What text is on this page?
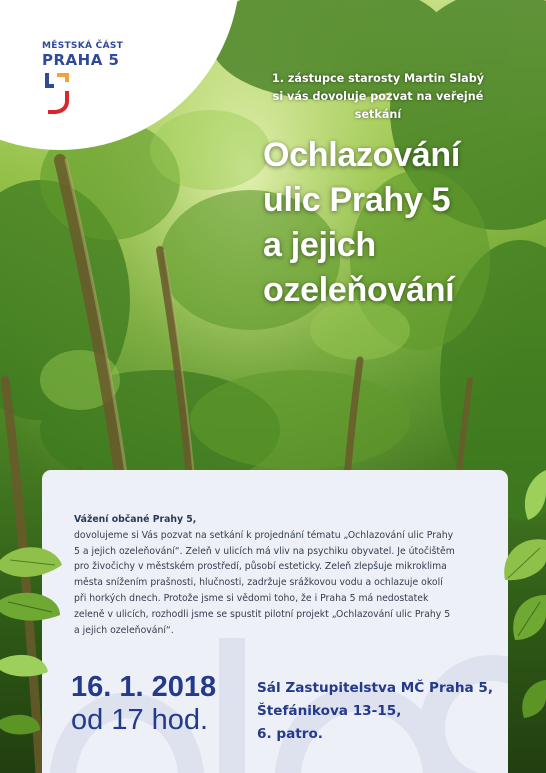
MĚSTSKÁ ČÁST
PRAHA 5

1. zástupce starosty Martin Slabý

si vás dovoluje pozvat na veřejné

setkání

Ochlazování
ulic Prahy 5
a jejich
ozeleňování

Vážení občané Prahy 5,

dovolujeme si Vás pozvat na setkání k projednání tématu „Ochlazování ulic Prahy

5 a jejich ozeleňování“. Zeleň v ulicích má vliv na psychiku obyvatel. Je útočištěm

pro živočichy v městském prostředí, působí esteticky. Zeleň zlepšuje mikroklima

města snížením prašnosti, hlučnosti, zadržuje srážkovou vodu a ochlazuje okolí

při horkých dnech. Protože jsme si vědomi toho, že i Praha 5 má nedostatek

zeleně v ulicích, rozhodli jsme se spustit pilotní projekt „Ochlazování ulic Prahy 5

a jejich ozeleňování“.

16. 1. 2018
od 17 hod.
Sál Zastupitelstva MČ Praha 5,
Štefánikova 13-15,
6. patro.
